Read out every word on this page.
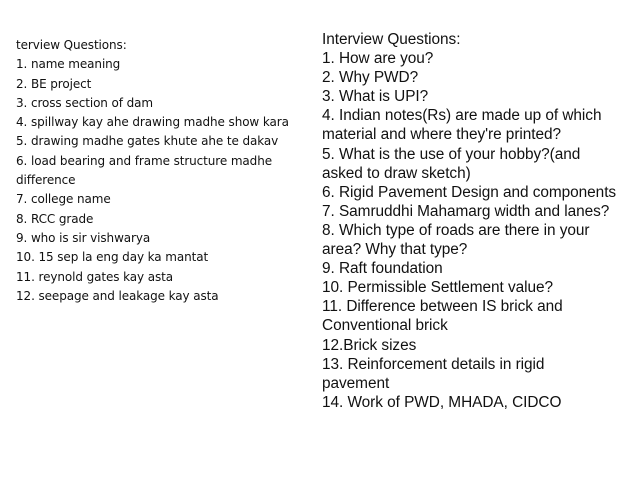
terview Questions:
1. name meaning
2. BE project
3. cross section of dam
4. spillway kay ahe drawing madhe show kara
5. drawing madhe gates khute ahe te dakav
6. load bearing and frame structure madhe
difference
7. college name
8. RCC grade
9. who is sir vishwarya
10. 15 sep la eng day ka mantat
11. reynold gates kay asta
12. seepage and leakage kay asta
Interview Questions:
1. How are you?
2. Why PWD?
3. What is UPI?
4. Indian notes(Rs) are made up of which
material and where they're printed?
5. What is the use of your hobby?(and
asked to draw sketch)
6. Rigid Pavement Design and components
7. Samruddhi Mahamarg width and lanes?
8. Which type of roads are there in your
area? Why that type?
9. Raft foundation
10. Permissible Settlement value?
11. Difference between IS brick and
Conventional brick
12.Brick sizes
13. Reinforcement details in rigid
pavement
14. Work of PWD, MHADA, CIDCO
